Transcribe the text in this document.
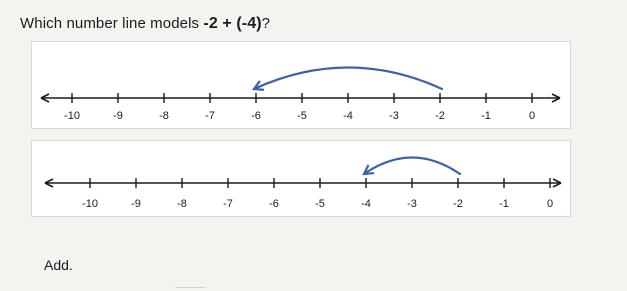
Which number line models -2 + (-4)?
-10	-9	-8	-7	-6	-5	-4	-3	-2	-1	0
-10	-9	-8	-7	-6	-5	-4	-3	-2	-1	0
Add.
